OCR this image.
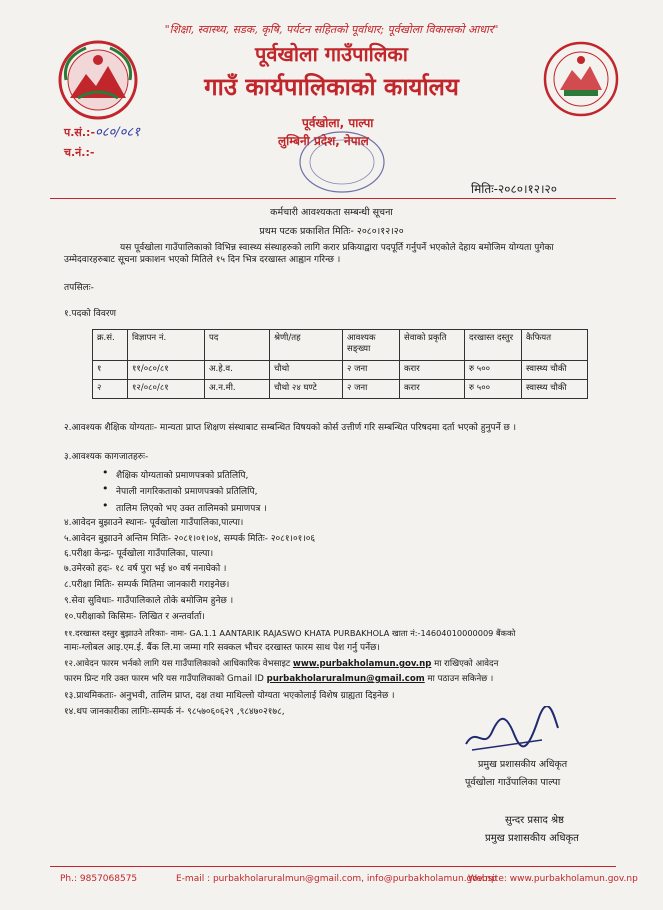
"शिक्षा, स्वास्थ्य, सडक, कृषि, पर्यटन सहितको पूर्वाधार; पूर्वखोला विकासको आधार"
पूर्वखोला गाउँपालिका
गाउँ कार्यपालिकाको कार्यालय
प.सं.:-०८०/०८१
च.नं.:-
पूर्वखोला, पाल्पा
लुम्बिनी प्रदेश, नेपाल
मितिः-२०८०।१२।२०
कर्मचारी आवश्यकता सम्बन्धी सूचना
प्रथम पटक प्रकाशित मितिः- २०८०।१२।२०
यस पूर्वखोला गाउँपालिकाको विभिन्न स्वास्थ्य संस्थाहरुको लागि करार प्रकियाद्वारा पदपूर्ति गर्नुपर्ने भएकोले देहाय बमोजिम योग्यता पुगेका उम्मेदवारहरुबाट सूचना प्रकाशन भएको मितिले १५ दिन भित्र दरखास्त आह्वान गरिन्छ ।
तपसिलः-
१.पदको विवरण
क्र.सं.	विज्ञापन नं.	पद	श्रेणी/तह	आवश्यक सङ्ख्या	सेवाको प्रकृति	दरखास्त दस्तुर	कैफियत
१	११/०८०/८१	अ.हे.व.	चौथो	२ जना	करार	रु ५००	स्वास्थ्य चौकी
२	१२/०८०/८१	अ.न.मी.	चौथो २४ घण्टे	२ जना	करार	रु ५००	स्वास्थ्य चौकी
२.आवश्यक शैक्षिक योग्यताः- मान्यता प्राप्त शिक्षण संस्थाबाट सम्बन्धित विषयको कोर्स उत्तीर्ण गरि सम्बन्धित परिषदमा दर्ता भएको हुनुपर्ने छ ।
३.आवश्यक कागजातहरुः-
• शैक्षिक योग्यताको प्रमाणपत्रको प्रतिलिपि,
• नेपाली नागरिकताको प्रमाणपत्रको प्रतिलिपि,
• तालिम लिएको भए उक्त तालिमको प्रमाणपत्र ।
४.आवेदन बुझाउने स्थानः- पूर्वखोला गाउँपालिका,पाल्पा।
५.आवेदन बुझाउने अन्तिम मितिः- २०८१।०१।०४, सम्पर्क मितिः- २०८१।०१।०६
६.परीक्षा केन्द्रः- पूर्वखोला गाउँपालिका, पाल्पा।
७.उमेरको हदः- १८ वर्ष पुरा भई ४० वर्ष ननाघेको ।
८.परीक्षा मितिः- सम्पर्क मितिमा जानकारी गराइनेछ।
९.सेवा सुविधाः- गाउँपालिकाले तोके बमोजिम हुनेछ ।
१०.परीक्षाको किसिमः- लिखित र अन्तर्वार्ता।
११.दरखास्त दस्तुर बुझाउने तरिकाः- नामः- GA.1.1 AANTARIK RAJASWO KHATA PURBAKHOLA खाता नं:-14604010000009 बैंकको
नामः-ग्लोबल आइ.एम.ई. बैंक लि.मा जम्मा गरि सक्कल भौचर दरखास्त फारम साथ पेश गर्नु पर्नेछ।
१२.आवेदन फारम भर्नको लागि यस गाउँपालिकाको आधिकारिक वेभसाइट www.purbakholamun.gov.np मा राखिएको आवेदन
फारम प्रिन्ट गरि उक्त फारम भरि यस गाउँपालिकाको Gmail ID purbakholaruralmun@gmail.com मा पठाउन सकिनेछ ।
१३.प्राथमिकताः- अनुभवी, तालिम प्राप्त, दक्ष तथा माथिल्लो योग्यता भएकोलाई विशेष ग्राह्यता दिइनेछ ।
१४.थप जानकारीका लागिः-सम्पर्क नं- ९८५७०६०६२९ ,९८४७०२१७८,
प्रमुख प्रशासकीय अधिकृत
पूर्वखोला गाउँपालिका पाल्पा
सुन्दर प्रसाद श्रेष्ठ
प्रमुख प्रशासकीय अधिकृत
Ph.: 9857068575	E-mail : purbakholaruralmun@gmail.com, info@purbakholamun.gov.np
Website: www.purbakholamun.gov.np
